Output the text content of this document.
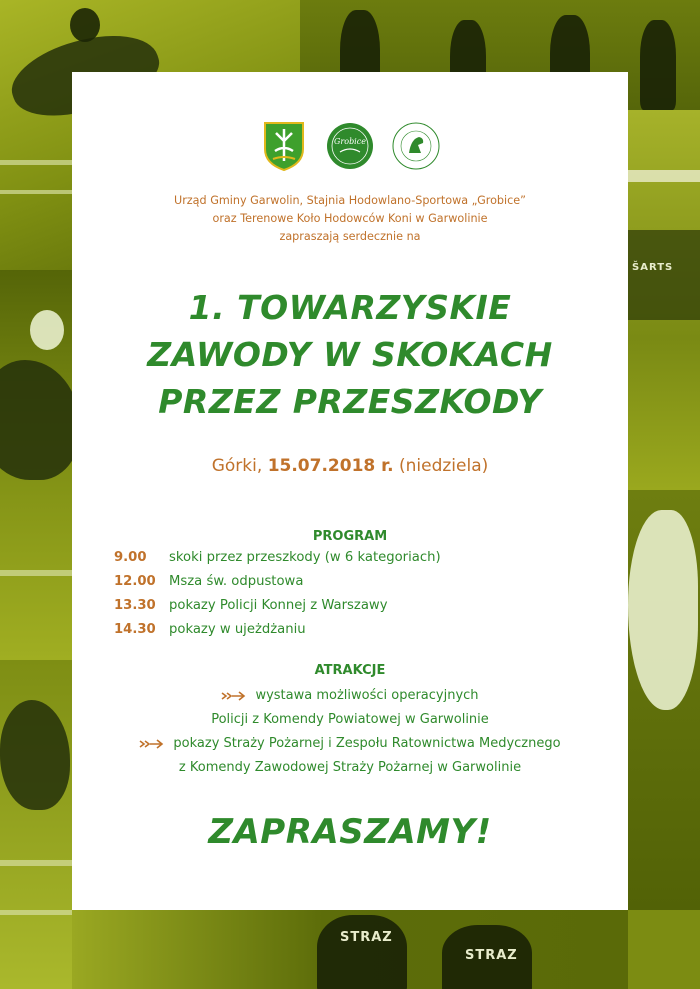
ŠARTS
STRAZ
STRAZ
Grobice
Urząd Gminy Garwolin, Stajnia Hodowlano-Sportowa „Grobice”
oraz Terenowe Koło Hodowców Koni w Garwolinie
zapraszają serdecznie na
1. TOWARZYSKIE
ZAWODY W SKOKACH
PRZEZ PRZESZKODY
Górki, 15.07.2018 r. (niedziela)
PROGRAM
9.00	skoki przez przeszkody (w 6 kategoriach)
12.00	Msza św. odpustowa
13.30	pokazy Policji Konnej z Warszawy
14.30	pokazy w ujeżdżaniu
ATRAKCJE
wystawa możliwości operacyjnych
Policji z Komendy Powiatowej w Garwolinie
pokazy Straży Pożarnej i Zespołu Ratownictwa Medycznego
z Komendy Zawodowej Straży Pożarnej w Garwolinie
ZAPRASZAMY!
